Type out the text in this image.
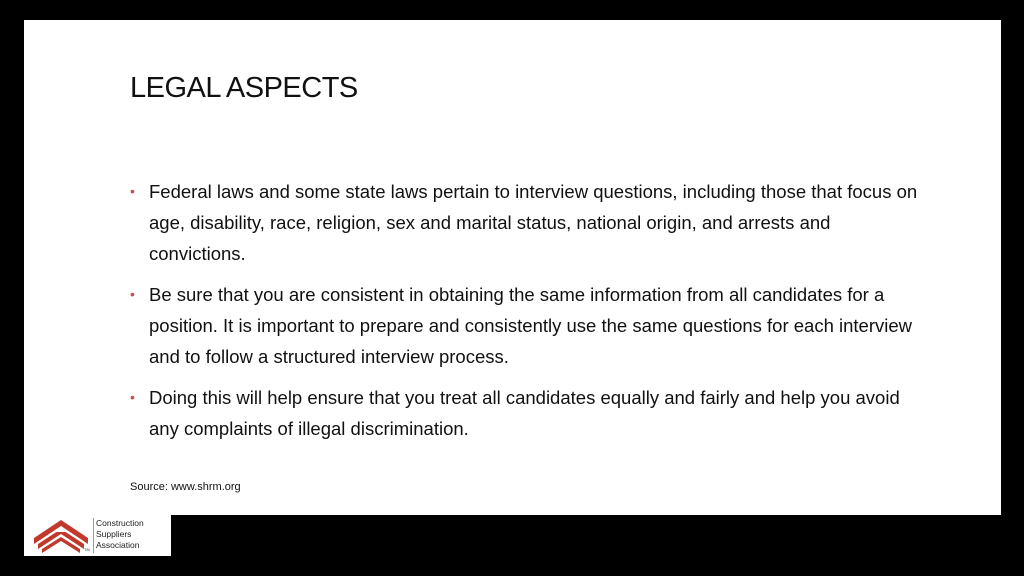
LEGAL ASPECTS
• Federal laws and some state laws pertain to interview questions, including those that focus on age, disability, race, religion, sex and marital status, national origin, and arrests and convictions.
• Be sure that you are consistent in obtaining the same information from all candidates for a position. It is important to prepare and consistently use the same questions for each interview and to follow a structured interview process.
• Doing this will help ensure that you treat all candidates equally and fairly and help you avoid any complaints of illegal discrimination.
Source: www.shrm.org
TM
Construction
Suppliers
Association
